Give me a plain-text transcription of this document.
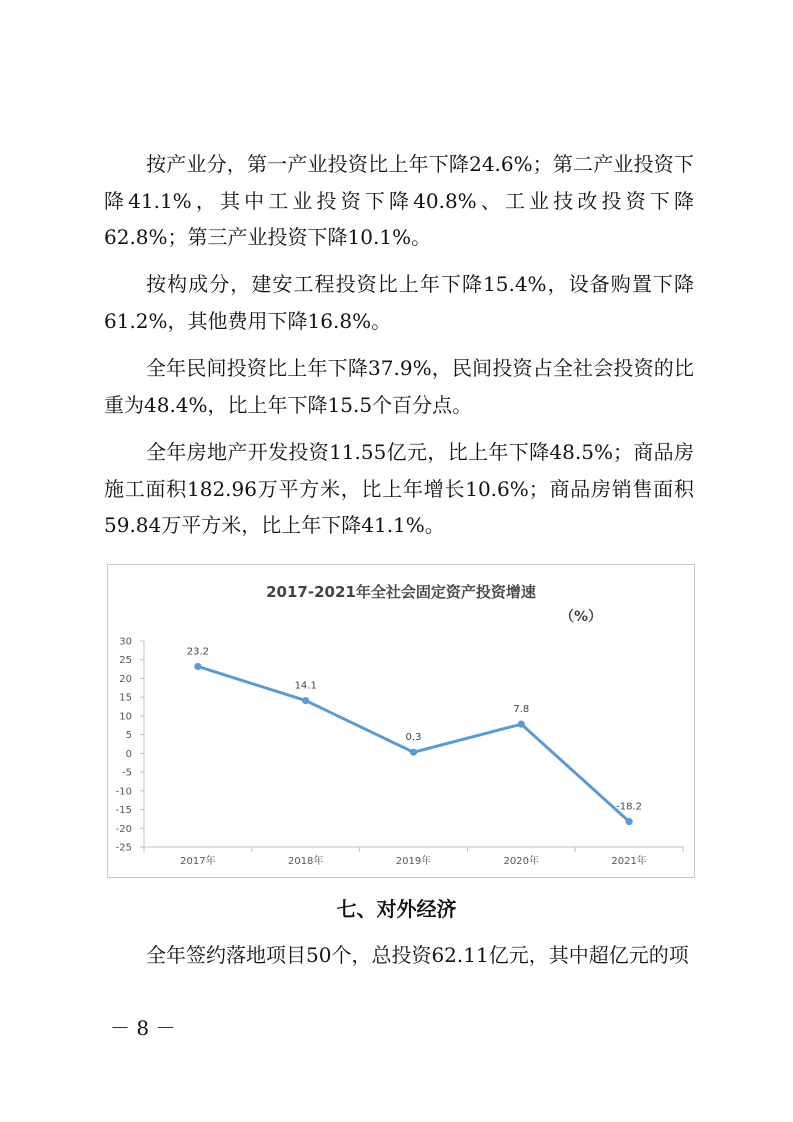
按产业分，第一产业投资比上年下降24.6%；第二产业投资下降41.1%，其中工业投资下降40.8%、工业技改投资下降62.8%；第三产业投资下降10.1%。

按构成分，建安工程投资比上年下降15.4%，设备购置下降61.2%，其他费用下降16.8%。

全年民间投资比上年下降37.9%，民间投资占全社会投资的比重为48.4%，比上年下降15.5个百分点。

全年房地产开发投资11.55亿元，比上年下降48.5%；商品房施工面积182.96万平方米，比上年增长10.6%；商品房销售面积59.84万平方米，比上年下降41.1%。

2017-2021年全社会固定资产投资增速
（%）
30
25
20
15
10
5
0
-5
-10
-15
-20
-25
2017年	2018年	2019年	2020年	2021年
23.2
14.1
0.3
7.8
-18.2
七、对外经济

全年签约落地项目50个，总投资62.11亿元，其中超亿元的项

－ 8 －
